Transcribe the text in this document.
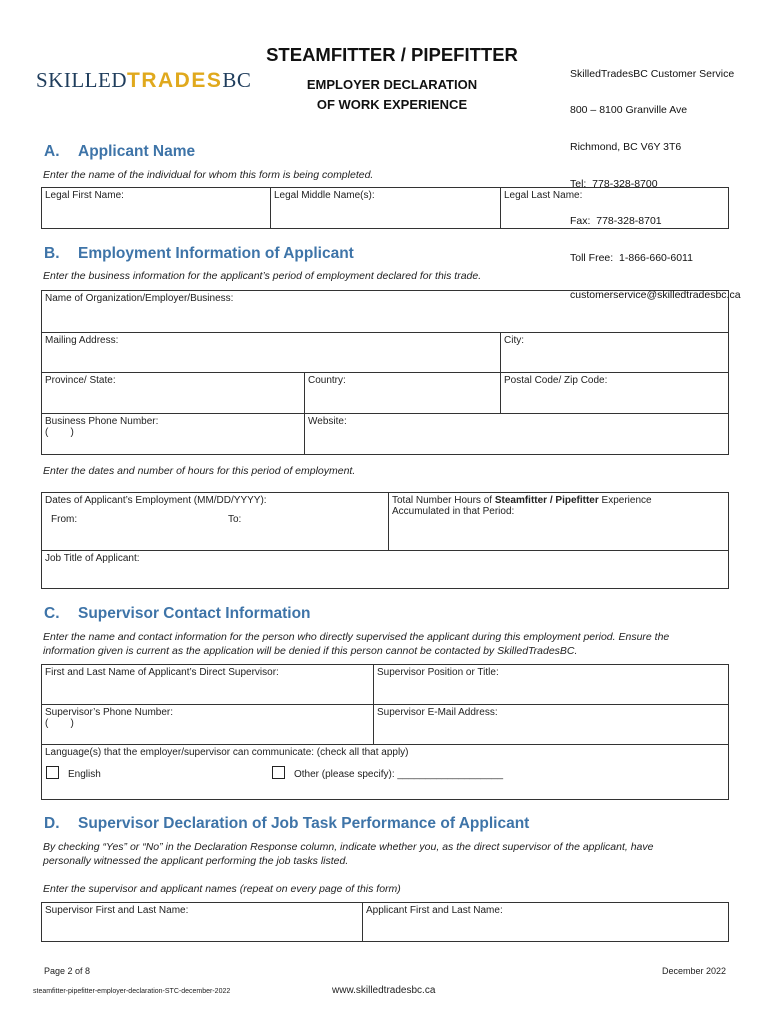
SKILLEDTRADESBC
STEAMFITTER / PIPEFITTER
EMPLOYER DECLARATION
OF WORK EXPERIENCE

SkilledTradesBC Customer Service

800 – 8100 Granville Ave

Richmond, BC V6Y 3T6

Tel:  778-328-8700

Fax:  778-328-8701

Toll Free:  1-866-660-6011

customerservice@skilledtradesbc.ca

A. Applicant Name
Enter the name of the individual for whom this form is being completed.
Legal First Name:	Legal Middle Name(s):	Legal Last Name:
B. Employment Information of Applicant
Enter the business information for the applicant’s period of employment declared for this trade.
Name of Organization/Employer/Business:		
Mailing Address:		City:
Province/ State:	Country:	Postal Code/ Zip Code:

Business Phone Number:
(        )	Website:	
Enter the dates and number of hours for this period of employment.
Dates of Applicant’s Employment (MM/DD/YYYY):
From:	To:

Total Number Hours of Steamfitter / Pipefitter Experience
Accumulated in that Period:

Job Title of Applicant:
C. Supervisor Contact Information
Enter the name and contact information for the person who directly supervised the applicant during this employment period. Ensure the
information given is current as the application will be denied if this person cannot be contacted by SkilledTradesBC.
First and Last Name of Applicant’s Direct Supervisor:	Supervisor Position or Title:

Supervisor’s Phone Number:
(        )	Supervisor E-Mail Address:

Language(s) that the employer/supervisor can communicate: (check all that apply)
English Other (please specify): ___________________	
D. Supervisor Declaration of Job Task Performance of Applicant
By checking “Yes” or “No” in the Declaration Response column, indicate whether you, as the direct supervisor of the applicant, have
personally witnessed the applicant performing the job tasks listed.
Enter the supervisor and applicant names (repeat on every page of this form)
Supervisor First and Last Name:	Applicant First and Last Name:
Page 2 of 8	December 2022
steamfitter-pipefitter-employer-declaration-STC-december-2022	www.skilledtradesbc.ca
